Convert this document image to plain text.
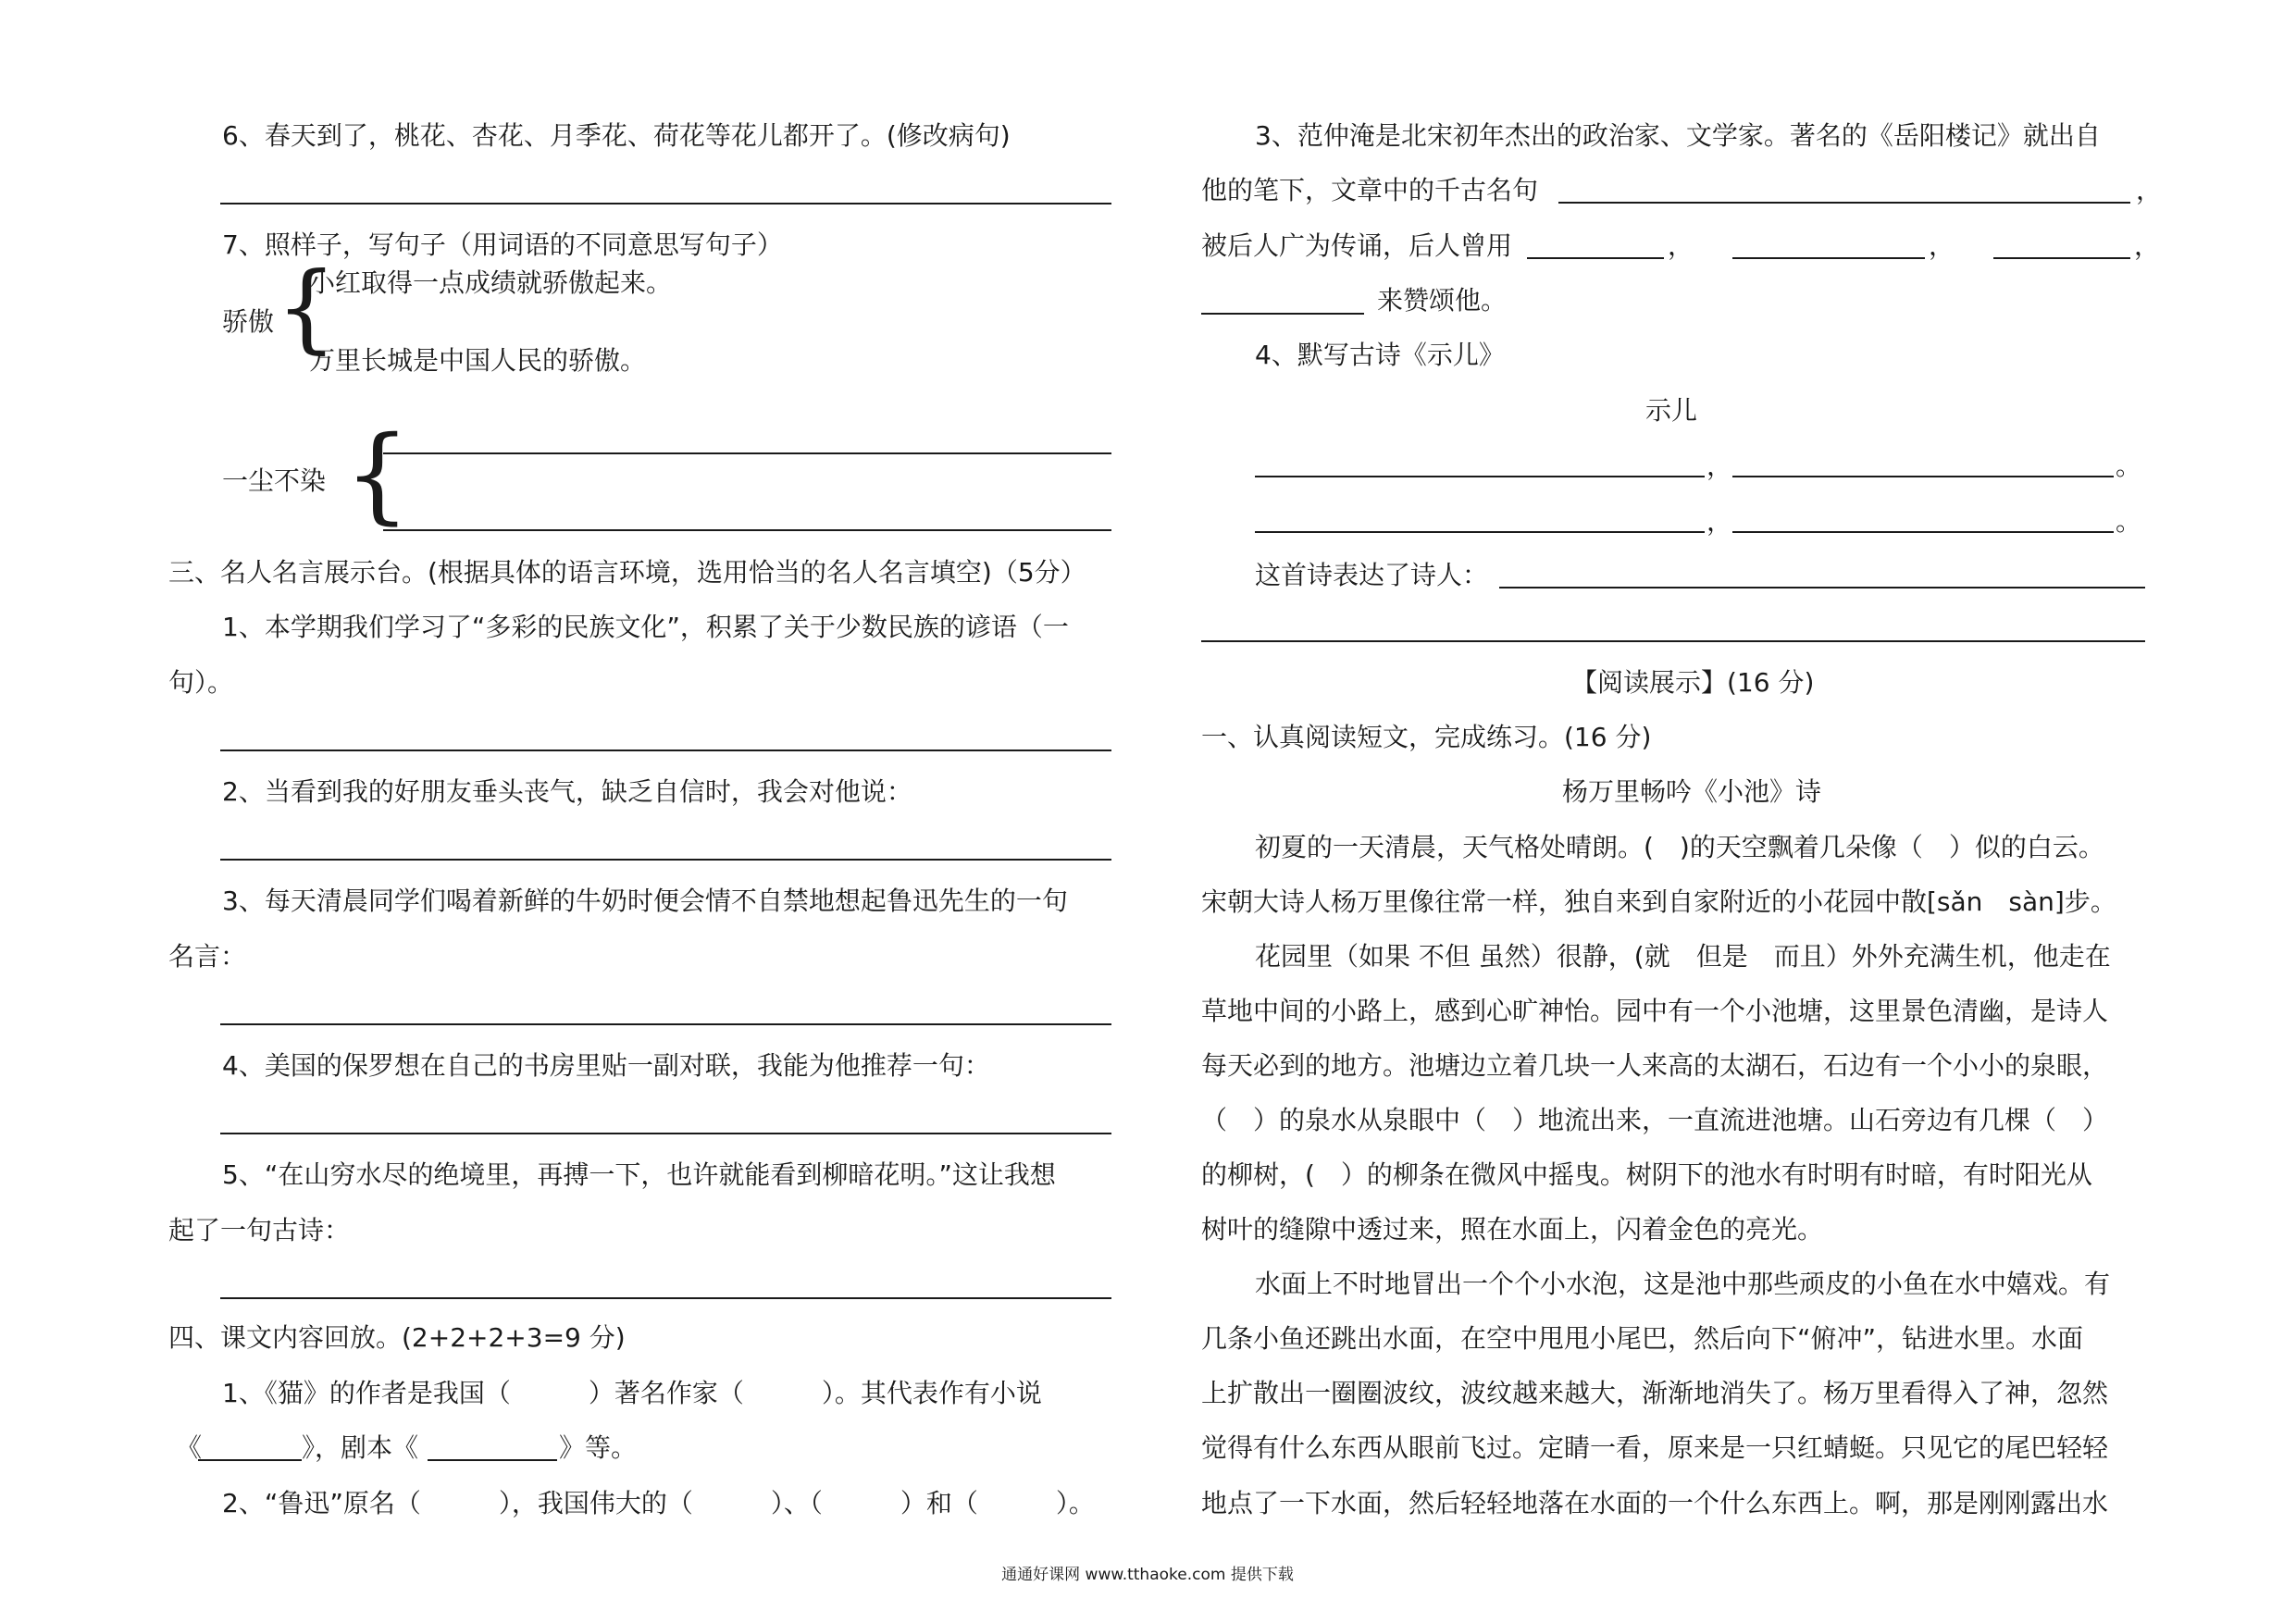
6、春天到了，桃花、杏花、月季花、荷花等花儿都开了。(修改病句)
7、照样子，写句子（用词语的不同意思写句子）
骄傲 {
小红取得一点成绩就骄傲起来。
万里长城是中国人民的骄傲。
一尘不染 {
三、名人名言展示台。(根据具体的语言环境，选用恰当的名人名言填空)（5分）
1、本学期我们学习了“多彩的民族文化”，积累了关于少数民族的谚语（一
句）。
2、当看到我的好朋友垂头丧气，缺乏自信时，我会对他说：
3、每天清晨同学们喝着新鲜的牛奶时便会情不自禁地想起鲁迅先生的一句
名言：
4、美国的保罗想在自己的书房里贴一副对联，我能为他推荐一句：
5、“在山穷水尽的绝境里，再搏一下，也许就能看到柳暗花明。”这让我想
起了一句古诗：
四、课文内容回放。(2+2+2+3=9 分)
1、《猫》的作者是我国（　　　）著名作家（　　　）。其代表作有小说
《	》，剧本《	》等。
2、“鲁迅”原名（　　　），我国伟大的（　　　）、（　　　）和（　　　）。
3、范仲淹是北宋初年杰出的政治家、文学家。著名的《岳阳楼记》就出自
他的笔下，文章中的千古名句	，
被后人广为传诵，后人曾用	，	，	，
来赞颂他。
4、默写古诗《示儿》
示儿
，	。
，	。
这首诗表达了诗人：
【阅读展示】(16 分)
一、认真阅读短文，完成练习。(16 分)
杨万里畅吟《小池》诗
初夏的一天清晨，天气格处晴朗。(　)的天空飘着几朵像（　）似的白云。
宋朝大诗人杨万里像往常一样，独自来到自家附近的小花园中散[sǎn　sàn]步。
花园里（如果 不但 虽然）很静，(就　但是　而且）外外充满生机，他走在
草地中间的小路上，感到心旷神怡。园中有一个小池塘，这里景色清幽，是诗人
每天必到的地方。池塘边立着几块一人来高的太湖石，石边有一个小小的泉眼，
（　）的泉水从泉眼中（　）地流出来，一直流进池塘。山石旁边有几棵（　）
的柳树，(　）的柳条在微风中摇曳。树阴下的池水有时明有时暗，有时阳光从
树叶的缝隙中透过来，照在水面上，闪着金色的亮光。
水面上不时地冒出一个个小水泡，这是池中那些顽皮的小鱼在水中嬉戏。有
几条小鱼还跳出水面，在空中甩甩小尾巴，然后向下“俯冲”，钻进水里。水面
上扩散出一圈圈波纹，波纹越来越大，渐渐地消失了。杨万里看得入了神，忽然
觉得有什么东西从眼前飞过。定睛一看，原来是一只红蜻蜓。只见它的尾巴轻轻
地点了一下水面，然后轻轻地落在水面的一个什么东西上。啊，那是刚刚露出水
通通好课网 www.tthaoke.com 提供下载
